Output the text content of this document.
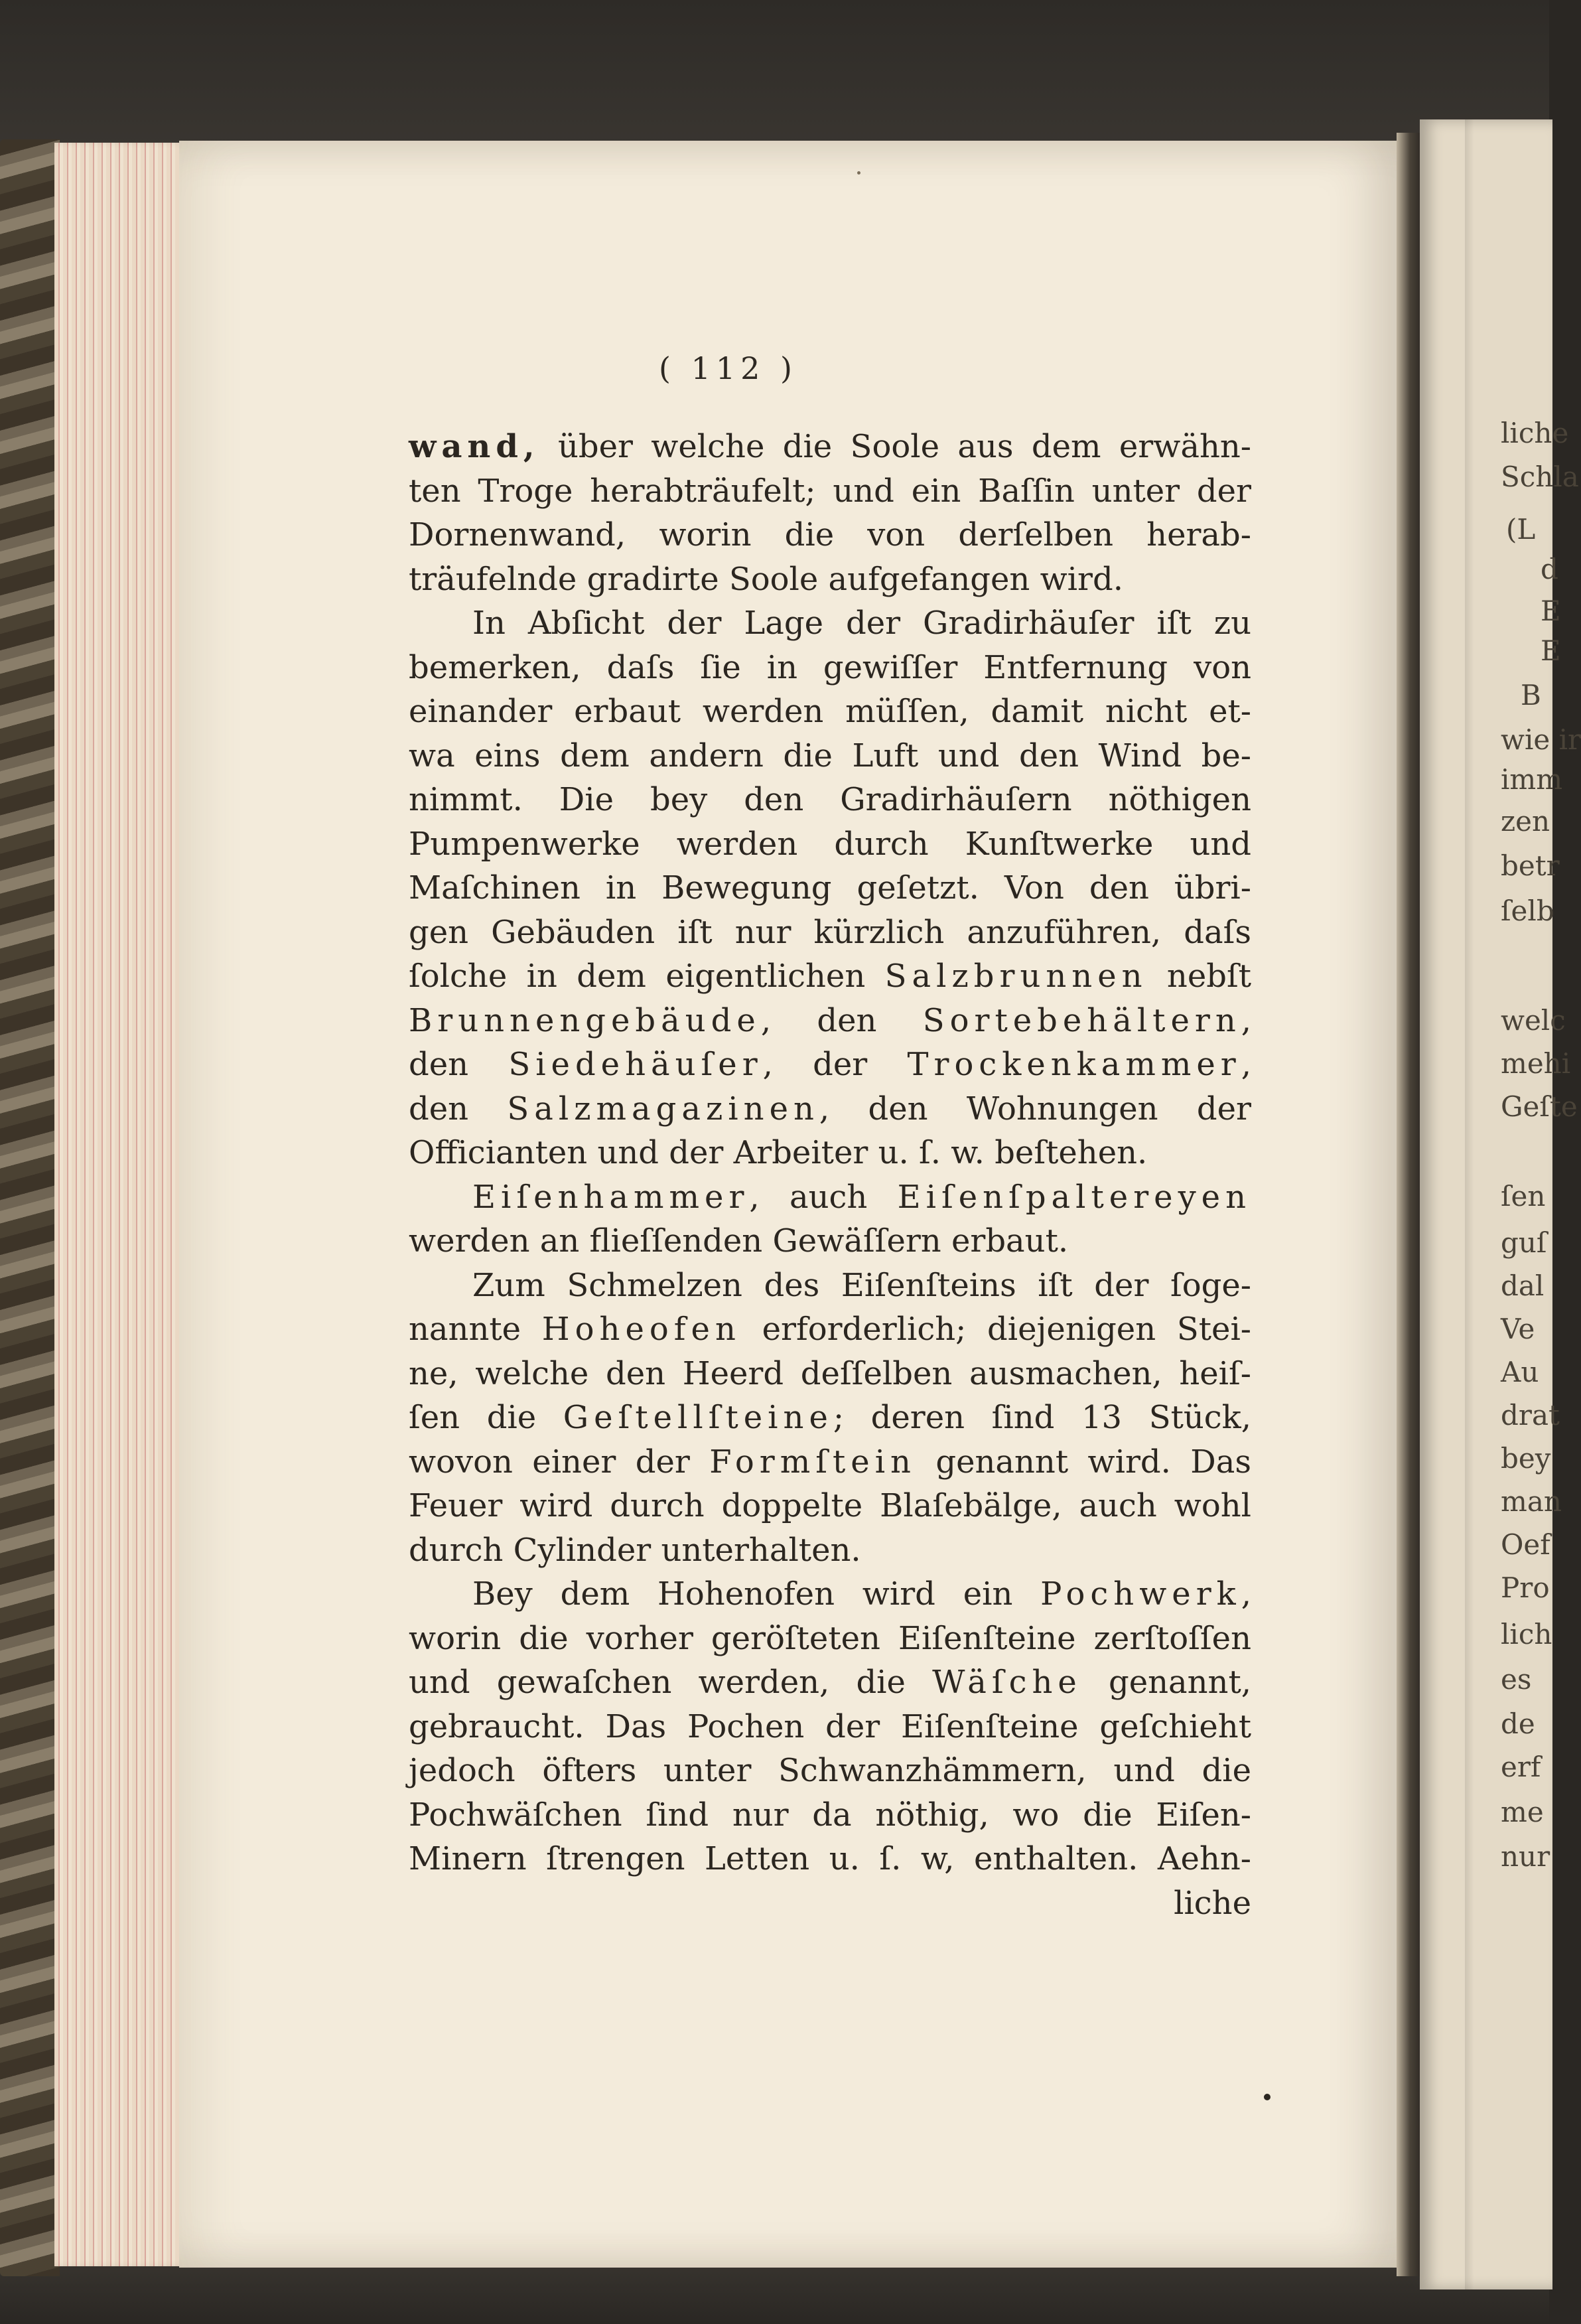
( 112 )
wand, über welche die Soole aus dem erwähn-
ten Troge herabträufelt; und ein Baſſin unter der
Dornenwand, worin die von derſelben herab-
träufelnde gradirte Soole aufgefangen wird.
In Abſicht der Lage der Gradirhäuſer iſt zu
bemerken, daſs ſie in gewiſſer Entfernung von
einander erbaut werden müſſen, damit nicht et-
wa eins dem andern die Luft und den Wind be-
nimmt. Die bey den Gradirhäuſern nöthigen
Pumpenwerke werden durch Kunſtwerke und
Maſchinen in Bewegung geſetzt. Von den übri-
gen Gebäuden iſt nur kürzlich anzuführen, daſs
ſolche in dem eigentlichen Salzbrunnen nebſt
Brunnengebäude, den Sortebehältern,
den Siedehäuſer, der Trockenkammer,
den Salzmagazinen, den Wohnungen der
Officianten und der Arbeiter u. ſ. w. beſtehen.
Eiſenhammer, auch Eiſenſpaltereyen
werden an flieſſenden Gewäſſern erbaut.
Zum Schmelzen des Eiſenſteins iſt der ſoge-
nannte Hoheofen erforderlich; diejenigen Stei-
ne, welche den Heerd deſſelben ausmachen, heiſ-
ſen die Geſtellſteine; deren ſind 13 Stück,
wovon einer der Formſtein genannt wird. Das
Feuer wird durch doppelte Blaſebälge, auch wohl
durch Cylinder unterhalten.
Bey dem Hohenofen wird ein Pochwerk,
worin die vorher geröſteten Eiſenſteine zerſtoſſen
und gewaſchen werden, die Wäſche genannt,
gebraucht. Das Pochen der Eiſenſteine geſchieht
jedoch öfters unter Schwanzhämmern, und die
Pochwäſchen ſind nur da nöthig, wo die Eiſen-
Minern ſtrengen Letten u. ſ. w, enthalten. Aehn-
liche
liche
Schla
(L
d
E
E
B
wie ir
imm
zen
betr
ſelb
welc
mehi
Geſte
ſen
guſ
dal
Ve
Au
drat
bey
man
Oef
Pro
lich
es
de
erf
me
nur
